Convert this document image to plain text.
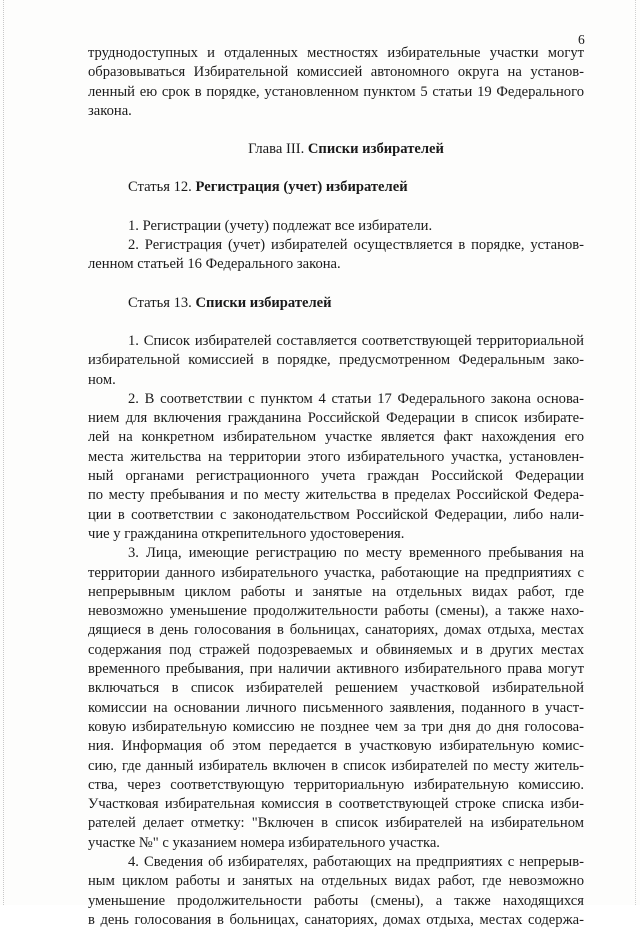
6
труднодоступных и отдаленных местностях избирательные участки могут
образовываться Избирательной комиссией автономного округа на установ-
ленный ею срок в порядке, установленном пунктом 5 статьи 19 Федерального
закона.
Глава III. Списки избирателей
Статья 12. Регистрация (учет) избирателей
1. Регистрации (учету) подлежат все избиратели.
2. Регистрация (учет) избирателей осуществляется в порядке, установ-
ленном статьей 16 Федерального закона.
Статья 13. Списки избирателей
1. Список избирателей составляется соответствующей территориальной
избирательной комиссией в порядке, предусмотренном Федеральным зако-
ном.
2. В соответствии с пунктом 4 статьи 17 Федерального закона основа-
нием для включения гражданина Российской Федерации в список избирате-
лей на конкретном избирательном участке является факт нахождения его
места жительства на территории этого избирательного участка, установлен-
ный органами регистрационного учета граждан Российской Федерации
по месту пребывания и по месту жительства в пределах Российской Федера-
ции в соответствии с законодательством Российской Федерации, либо нали-
чие у гражданина открепительного удостоверения.
3. Лица, имеющие регистрацию по месту временного пребывания на
территории данного избирательного участка, работающие на предприятиях с
непрерывным циклом работы и занятые на отдельных видах работ, где
невозможно уменьшение продолжительности работы (смены), а также нахо-
дящиеся в день голосования в больницах, санаториях, домах отдыха, местах
содержания под стражей подозреваемых и обвиняемых и в других местах
временного пребывания, при наличии активного избирательного права могут
включаться в список избирателей решением участковой избирательной
комиссии на основании личного письменного заявления, поданного в участ-
ковую избирательную комиссию не позднее чем за три дня до дня голосова-
ния. Информация об этом передается в участковую избирательную комис-
сию, где данный избиратель включен в список избирателей по месту житель-
ства, через соответствующую территориальную избирательную комиссию.
Участковая избирательная комиссия в соответствующей строке списка изби-
рателей делает отметку: "Включен в список избирателей на избирательном
участке №" с указанием номера избирательного участка.
4. Сведения об избирателях, работающих на предприятиях с непрерыв-
ным циклом работы и занятых на отдельных видах работ, где невозможно
уменьшение продолжительности работы (смены), а также находящихся
в день голосования в больницах, санаториях, домах отдыха, местах содержа-
